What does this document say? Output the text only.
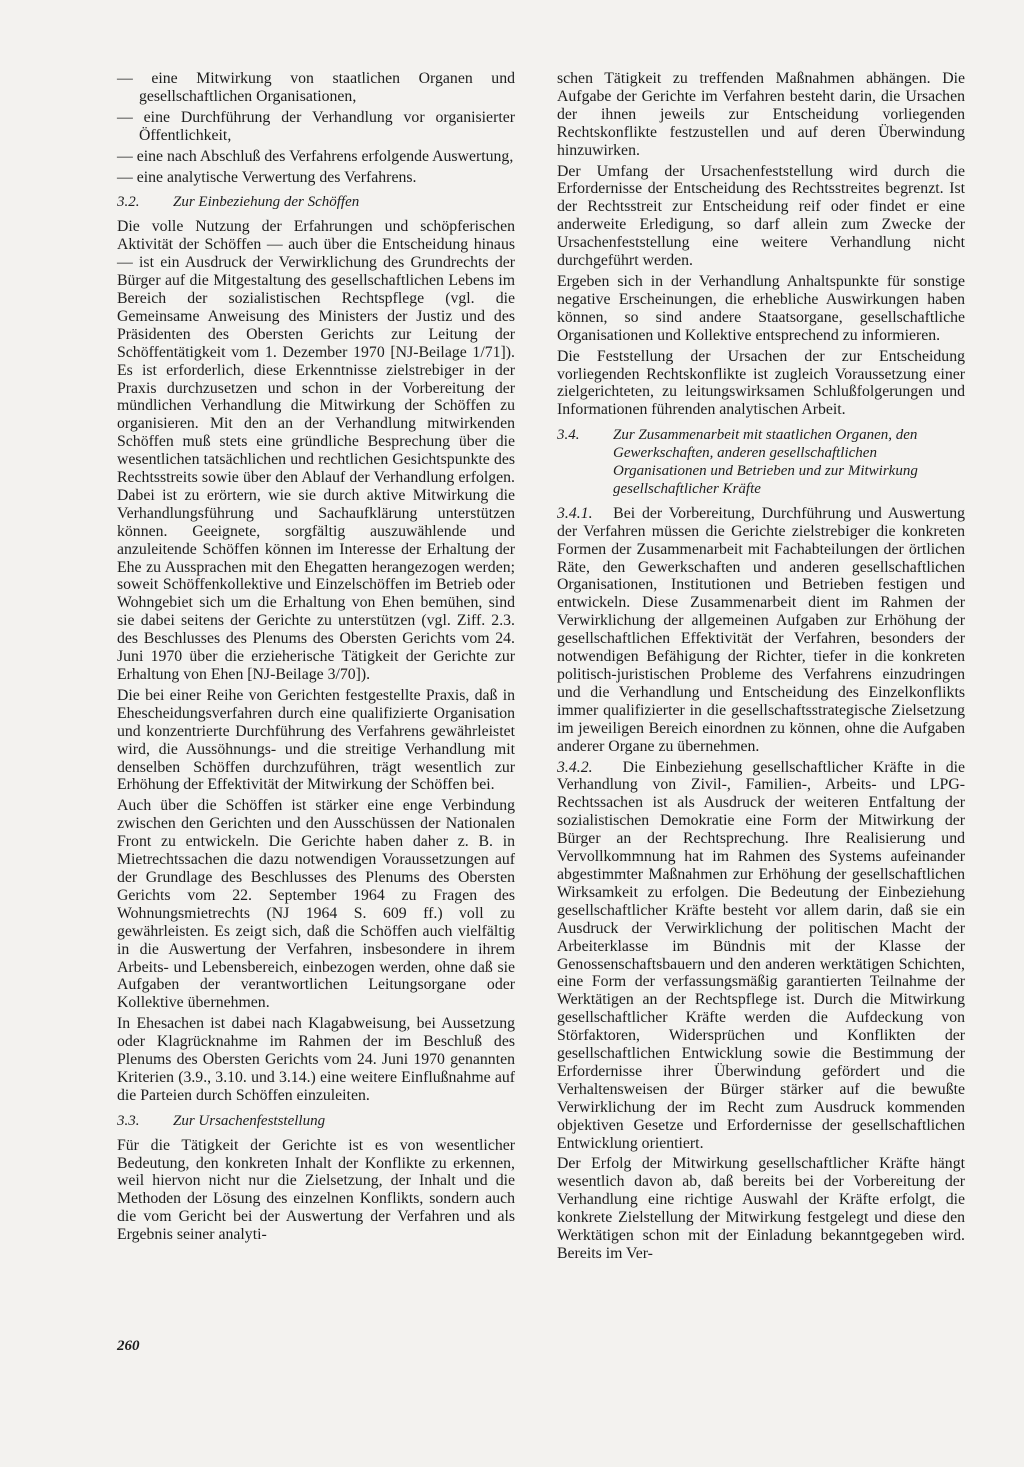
— eine Mitwirkung von staatlichen Organen und gesellschaftlichen Organisationen,

— eine Durchführung der Verhandlung vor organisierter Öffentlichkeit,

— eine nach Abschluß des Verfahrens erfolgende Auswertung,

— eine analytische Verwertung des Verfahrens.

3.2.	Zur Einbeziehung der Schöffen

Die volle Nutzung der Erfahrungen und schöpferischen Aktivität der Schöffen — auch über die Entscheidung hinaus — ist ein Ausdruck der Verwirklichung des Grundrechts der Bürger auf die Mitgestaltung des gesellschaftlichen Lebens im Bereich der sozialistischen Rechtspflege (vgl. die Gemeinsame Anweisung des Ministers der Justiz und des Präsidenten des Obersten Gerichts zur Leitung der Schöffentätigkeit vom 1. Dezember 1970 [NJ-Beilage 1/71]). Es ist erforderlich, diese Erkenntnisse zielstrebiger in der Praxis durchzusetzen und schon in der Vorbereitung der mündlichen Verhandlung die Mitwirkung der Schöffen zu organisieren. Mit den an der Verhandlung mitwirkenden Schöffen muß stets eine gründliche Besprechung über die wesentlichen tatsächlichen und rechtlichen Gesichtspunkte des Rechtsstreits sowie über den Ablauf der Verhandlung erfolgen. Dabei ist zu erörtern, wie sie durch aktive Mitwirkung die Verhandlungsführung und Sachaufklärung unterstützen können. Geeignete, sorgfältig auszuwählende und anzuleitende Schöffen können im Interesse der Erhaltung der Ehe zu Aussprachen mit den Ehegatten herangezogen werden; soweit Schöffenkollektive und Einzelschöffen im Betrieb oder Wohngebiet sich um die Erhaltung von Ehen bemühen, sind sie dabei seitens der Gerichte zu unterstützen (vgl. Ziff. 2.3. des Beschlusses des Plenums des Obersten Gerichts vom 24. Juni 1970 über die erzieherische Tätigkeit der Gerichte zur Erhaltung von Ehen [NJ-Beilage 3/70]).

Die bei einer Reihe von Gerichten festgestellte Praxis, daß in Ehescheidungsverfahren durch eine qualifizierte Organisation und konzentrierte Durchführung des Verfahrens gewährleistet wird, die Aussöhnungs- und die streitige Verhandlung mit denselben Schöffen durchzuführen, trägt wesentlich zur Erhöhung der Effektivität der Mitwirkung der Schöffen bei.

Auch über die Schöffen ist stärker eine enge Verbindung zwischen den Gerichten und den Ausschüssen der Nationalen Front zu entwickeln. Die Gerichte haben daher z. B. in Mietrechtssachen die dazu notwendigen Voraussetzungen auf der Grundlage des Beschlusses des Plenums des Obersten Gerichts vom 22. September 1964 zu Fragen des Wohnungsmietrechts (NJ 1964 S. 609 ff.) voll zu gewährleisten. Es zeigt sich, daß die Schöffen auch vielfältig in die Auswertung der Verfahren, insbesondere in ihrem Arbeits- und Lebensbereich, einbezogen werden, ohne daß sie Aufgaben der verantwortlichen Leitungsorgane oder Kollektive übernehmen.

In Ehesachen ist dabei nach Klagabweisung, bei Aussetzung oder Klagrücknahme im Rahmen der im Beschluß des Plenums des Obersten Gerichts vom 24. Juni 1970 genannten Kriterien (3.9., 3.10. und 3.14.) eine weitere Einflußnahme auf die Parteien durch Schöffen einzuleiten.

3.3.	Zur Ursachenfeststellung

Für die Tätigkeit der Gerichte ist es von wesentlicher Bedeutung, den konkreten Inhalt der Konflikte zu erkennen, weil hiervon nicht nur die Zielsetzung, der Inhalt und die Methoden der Lösung des einzelnen Konflikts, sondern auch die vom Gericht bei der Auswertung der Verfahren und als Ergebnis seiner analyti-

schen Tätigkeit zu treffenden Maßnahmen abhängen. Die Aufgabe der Gerichte im Verfahren besteht darin, die Ursachen der ihnen jeweils zur Entscheidung vorliegenden Rechtskonflikte festzustellen und auf deren Überwindung hinzuwirken.

Der Umfang der Ursachenfeststellung wird durch die Erfordernisse der Entscheidung des Rechtsstreites begrenzt. Ist der Rechtsstreit zur Entscheidung reif oder findet er eine anderweite Erledigung, so darf allein zum Zwecke der Ursachenfeststellung eine weitere Verhandlung nicht durchgeführt werden.

Ergeben sich in der Verhandlung Anhaltspunkte für sonstige negative Erscheinungen, die erhebliche Auswirkungen haben können, so sind andere Staatsorgane, gesellschaftliche Organisationen und Kollektive entsprechend zu informieren.

Die Feststellung der Ursachen der zur Entscheidung vorliegenden Rechtskonflikte ist zugleich Voraussetzung einer zielgerichteten, zu leitungswirksamen Schlußfolgerungen und Informationen führenden analytischen Arbeit.

3.4.	Zur Zusammenarbeit mit staatlichen Organen, den Gewerkschaften, anderen gesellschaftlichen Organisationen und Betrieben und zur Mitwirkung gesellschaftlicher Kräfte

3.4.1. Bei der Vorbereitung, Durchführung und Auswertung der Verfahren müssen die Gerichte zielstrebiger die konkreten Formen der Zusammenarbeit mit Fachabteilungen der örtlichen Räte, den Gewerkschaften und anderen gesellschaftlichen Organisationen, Institutionen und Betrieben festigen und entwickeln. Diese Zusammenarbeit dient im Rahmen der Verwirklichung der allgemeinen Aufgaben zur Erhöhung der gesellschaftlichen Effektivität der Verfahren, besonders der notwendigen Befähigung der Richter, tiefer in die konkreten politisch-juristischen Probleme des Verfahrens einzudringen und die Verhandlung und Entscheidung des Einzelkonflikts immer qualifizierter in die gesellschaftsstrategische Zielsetzung im jeweiligen Bereich einordnen zu können, ohne die Aufgaben anderer Organe zu übernehmen.

3.4.2. Die Einbeziehung gesellschaftlicher Kräfte in die Verhandlung von Zivil-, Familien-, Arbeits- und LPG-Rechtssachen ist als Ausdruck der weiteren Entfaltung der sozialistischen Demokratie eine Form der Mitwirkung der Bürger an der Rechtsprechung. Ihre Realisierung und Vervollkommnung hat im Rahmen des Systems aufeinander abgestimmter Maßnahmen zur Erhöhung der gesellschaftlichen Wirksamkeit zu erfolgen. Die Bedeutung der Einbeziehung gesellschaftlicher Kräfte besteht vor allem darin, daß sie ein Ausdruck der Verwirklichung der politischen Macht der Arbeiterklasse im Bündnis mit der Klasse der Genossenschaftsbauern und den anderen werktätigen Schichten, eine Form der verfassungsmäßig garantierten Teilnahme der Werktätigen an der Rechtspflege ist. Durch die Mitwirkung gesellschaftlicher Kräfte werden die Aufdeckung von Störfaktoren, Widersprüchen und Konflikten der gesellschaftlichen Entwicklung sowie die Bestimmung der Erfordernisse ihrer Überwindung gefördert und die Verhaltensweisen der Bürger stärker auf die bewußte Verwirklichung der im Recht zum Ausdruck kommenden objektiven Gesetze und Erfordernisse der gesellschaftlichen Entwicklung orientiert.

Der Erfolg der Mitwirkung gesellschaftlicher Kräfte hängt wesentlich davon ab, daß bereits bei der Vorbereitung der Verhandlung eine richtige Auswahl der Kräfte erfolgt, die konkrete Zielstellung der Mitwirkung festgelegt und diese den Werktätigen schon mit der Einladung bekanntgegeben wird. Bereits im Ver-

260
